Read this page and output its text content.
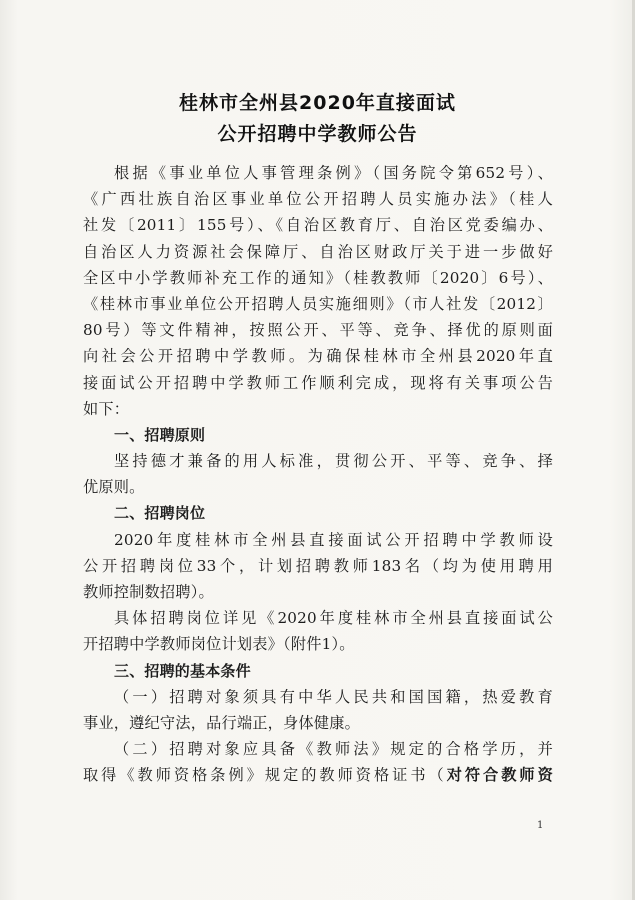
桂林市全州县2020年直接面试
公开招聘中学教师公告
根据《事业单位人事管理条例》（国务院令第652号）、
《广西壮族自治区事业单位公开招聘人员实施办法》（桂人
社发〔2011〕155号）、《自治区教育厅、自治区党委编办、
自治区人力资源社会保障厅、自治区财政厅关于进一步做好
全区中小学教师补充工作的通知》（桂教教师〔2020〕6号）、
《桂林市事业单位公开招聘人员实施细则》（市人社发〔2012〕
80号）等文件精神，按照公开、平等、竞争、择优的原则面
向社会公开招聘中学教师。为确保桂林市全州县2020年直
接面试公开招聘中学教师工作顺利完成，现将有关事项公告
如下：
一、招聘原则
坚持德才兼备的用人标准，贯彻公开、平等、竞争、择
优原则。
二、招聘岗位
2020年度桂林市全州县直接面试公开招聘中学教师设
公开招聘岗位33个，计划招聘教师183名（均为使用聘用
教师控制数招聘）。
具体招聘岗位详见《2020年度桂林市全州县直接面试公
开招聘中学教师岗位计划表》（附件1）。
三、招聘的基本条件
（一）招聘对象须具有中华人民共和国国籍，热爱教育
事业，遵纪守法，品行端正，身体健康。
（二）招聘对象应具备《教师法》规定的合格学历，并
取得《教师资格条例》规定的教师资格证书（对符合教师资
1
